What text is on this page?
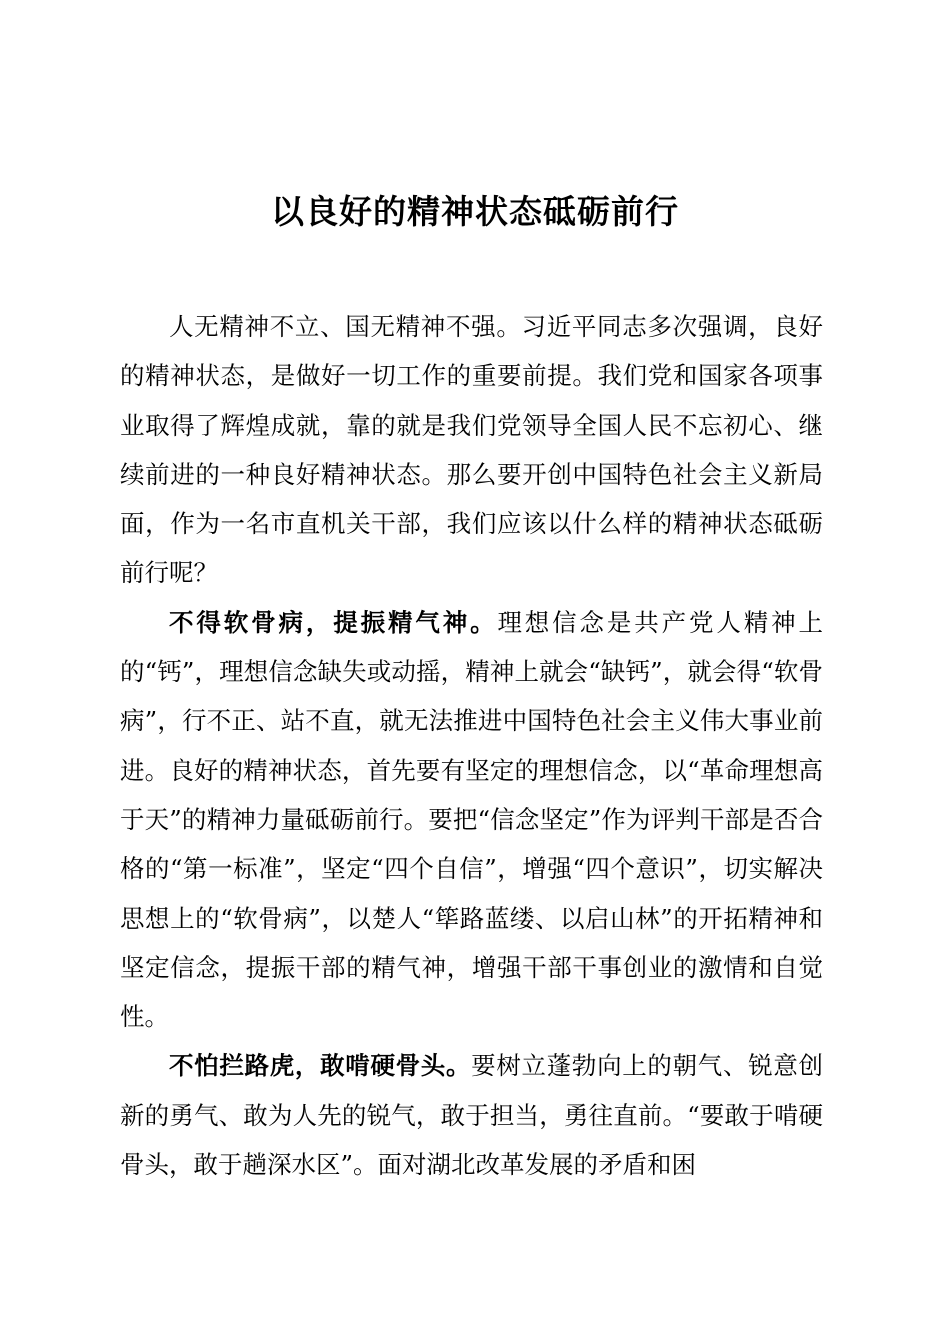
以良好的精神状态砥砺前行

人无精神不立、国无精神不强。习近平同志多次强调，良好的精神状态，是做好一切工作的重要前提。我们党和国家各项事业取得了辉煌成就，靠的就是我们党领导全国人民不忘初心、继续前进的一种良好精神状态。那么要开创中国特色社会主义新局面，作为一名市直机关干部，我们应该以什么样的精神状态砥砺前行呢？

不得软骨病，提振精气神。理想信念是共产党人精神上的“钙”，理想信念缺失或动摇，精神上就会“缺钙”，就会得“软骨病”，行不正、站不直，就无法推进中国特色社会主义伟大事业前进。良好的精神状态，首先要有坚定的理想信念，以“革命理想高于天”的精神力量砥砺前行。要把“信念坚定”作为评判干部是否合格的“第一标准”，坚定“四个自信”，增强“四个意识”，切实解决思想上的“软骨病”，以楚人“筚路蓝缕、以启山林”的开拓精神和坚定信念，提振干部的精气神，增强干部干事创业的激情和自觉性。

不怕拦路虎，敢啃硬骨头。要树立蓬勃向上的朝气、锐意创新的勇气、敢为人先的锐气，敢于担当，勇往直前。“要敢于啃硬骨头，敢于趟深水区”。面对湖北改革发展的矛盾和困
